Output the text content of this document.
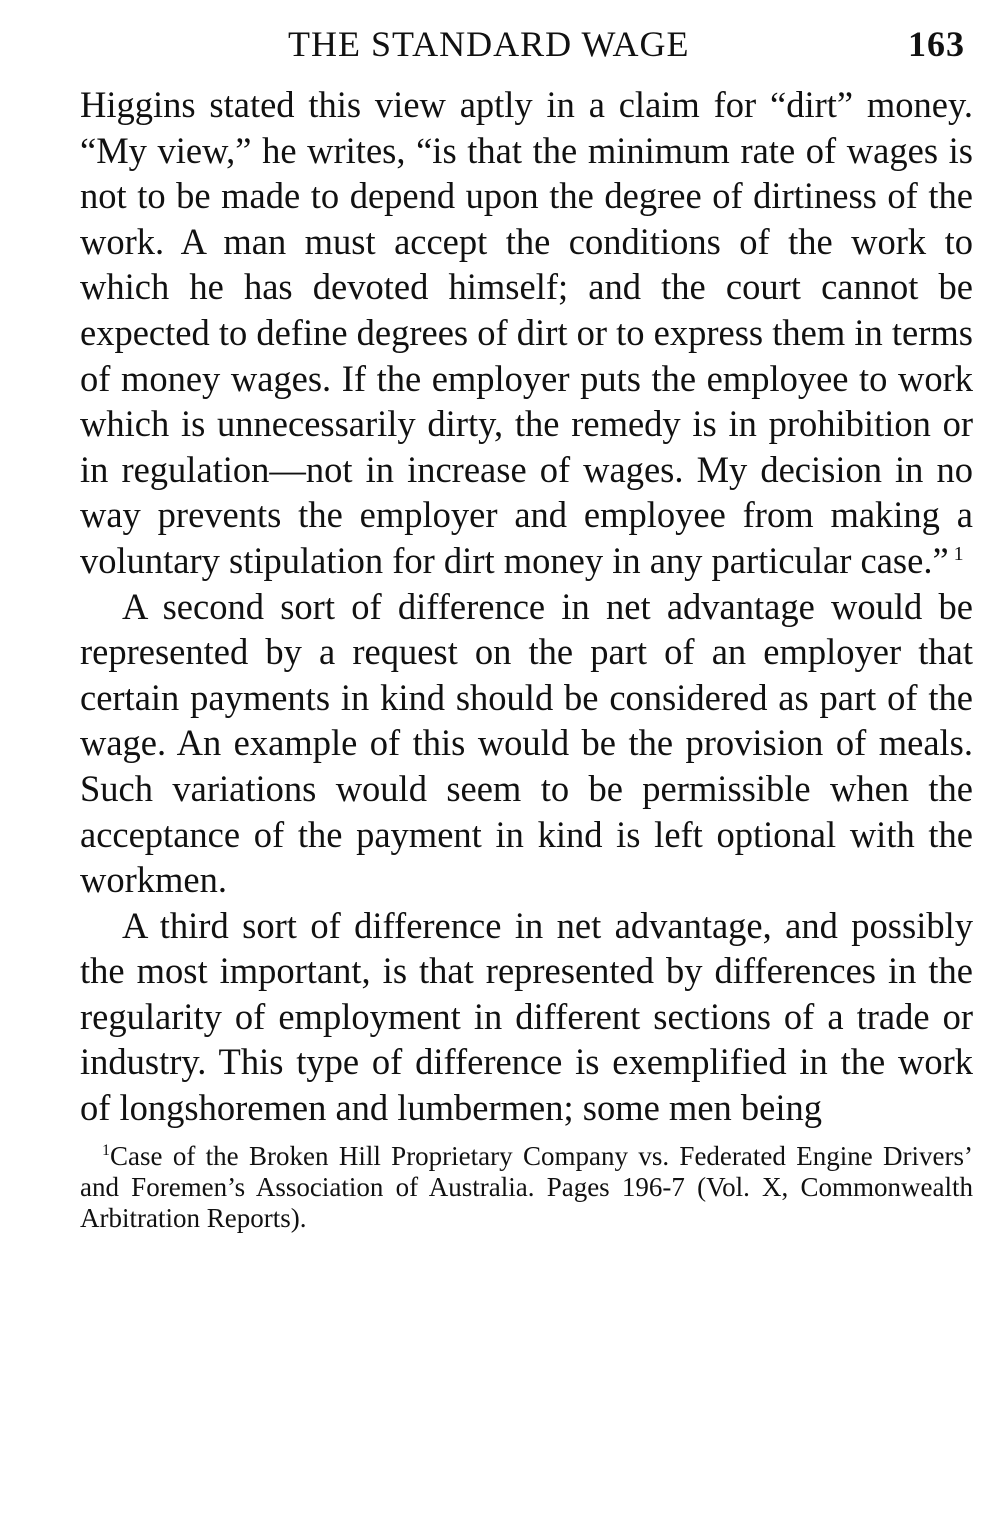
THE STANDARD WAGE	163

Higgins stated this view aptly in a claim for “dirt” money. “My view,” he writes, “is that the minimum rate of wages is not to be made to depend upon the degree of dirtiness of the work. A man must accept the conditions of the work to which he has devoted himself; and the court cannot be expected to define degrees of dirt or to express them in terms of money wages. If the employer puts the employee to work which is unnecessarily dirty, the remedy is in prohibition or in regulation—not in increase of wages. My decision in no way prevents the employer and employee from making a voluntary stipulation for dirt money in any particular case.” $^1$

A second sort of difference in net advantage would be represented by a request on the part of an employer that certain payments in kind should be considered as part of the wage. An example of this would be the provision of meals. Such variations would seem to be permissible when the acceptance of the payment in kind is left optional with the workmen.

A third sort of difference in net advantage, and possibly the most important, is that represented by differences in the regularity of employment in different sections of a trade or industry. This type of difference is exemplified in the work of longshoremen and lumbermen; some men being

$^1$Case of the Broken Hill Proprietary Company vs. Federated Engine Drivers’ and Foremen’s Association of Australia. Pages 196-7 (Vol. X, Commonwealth Arbitration Reports).
